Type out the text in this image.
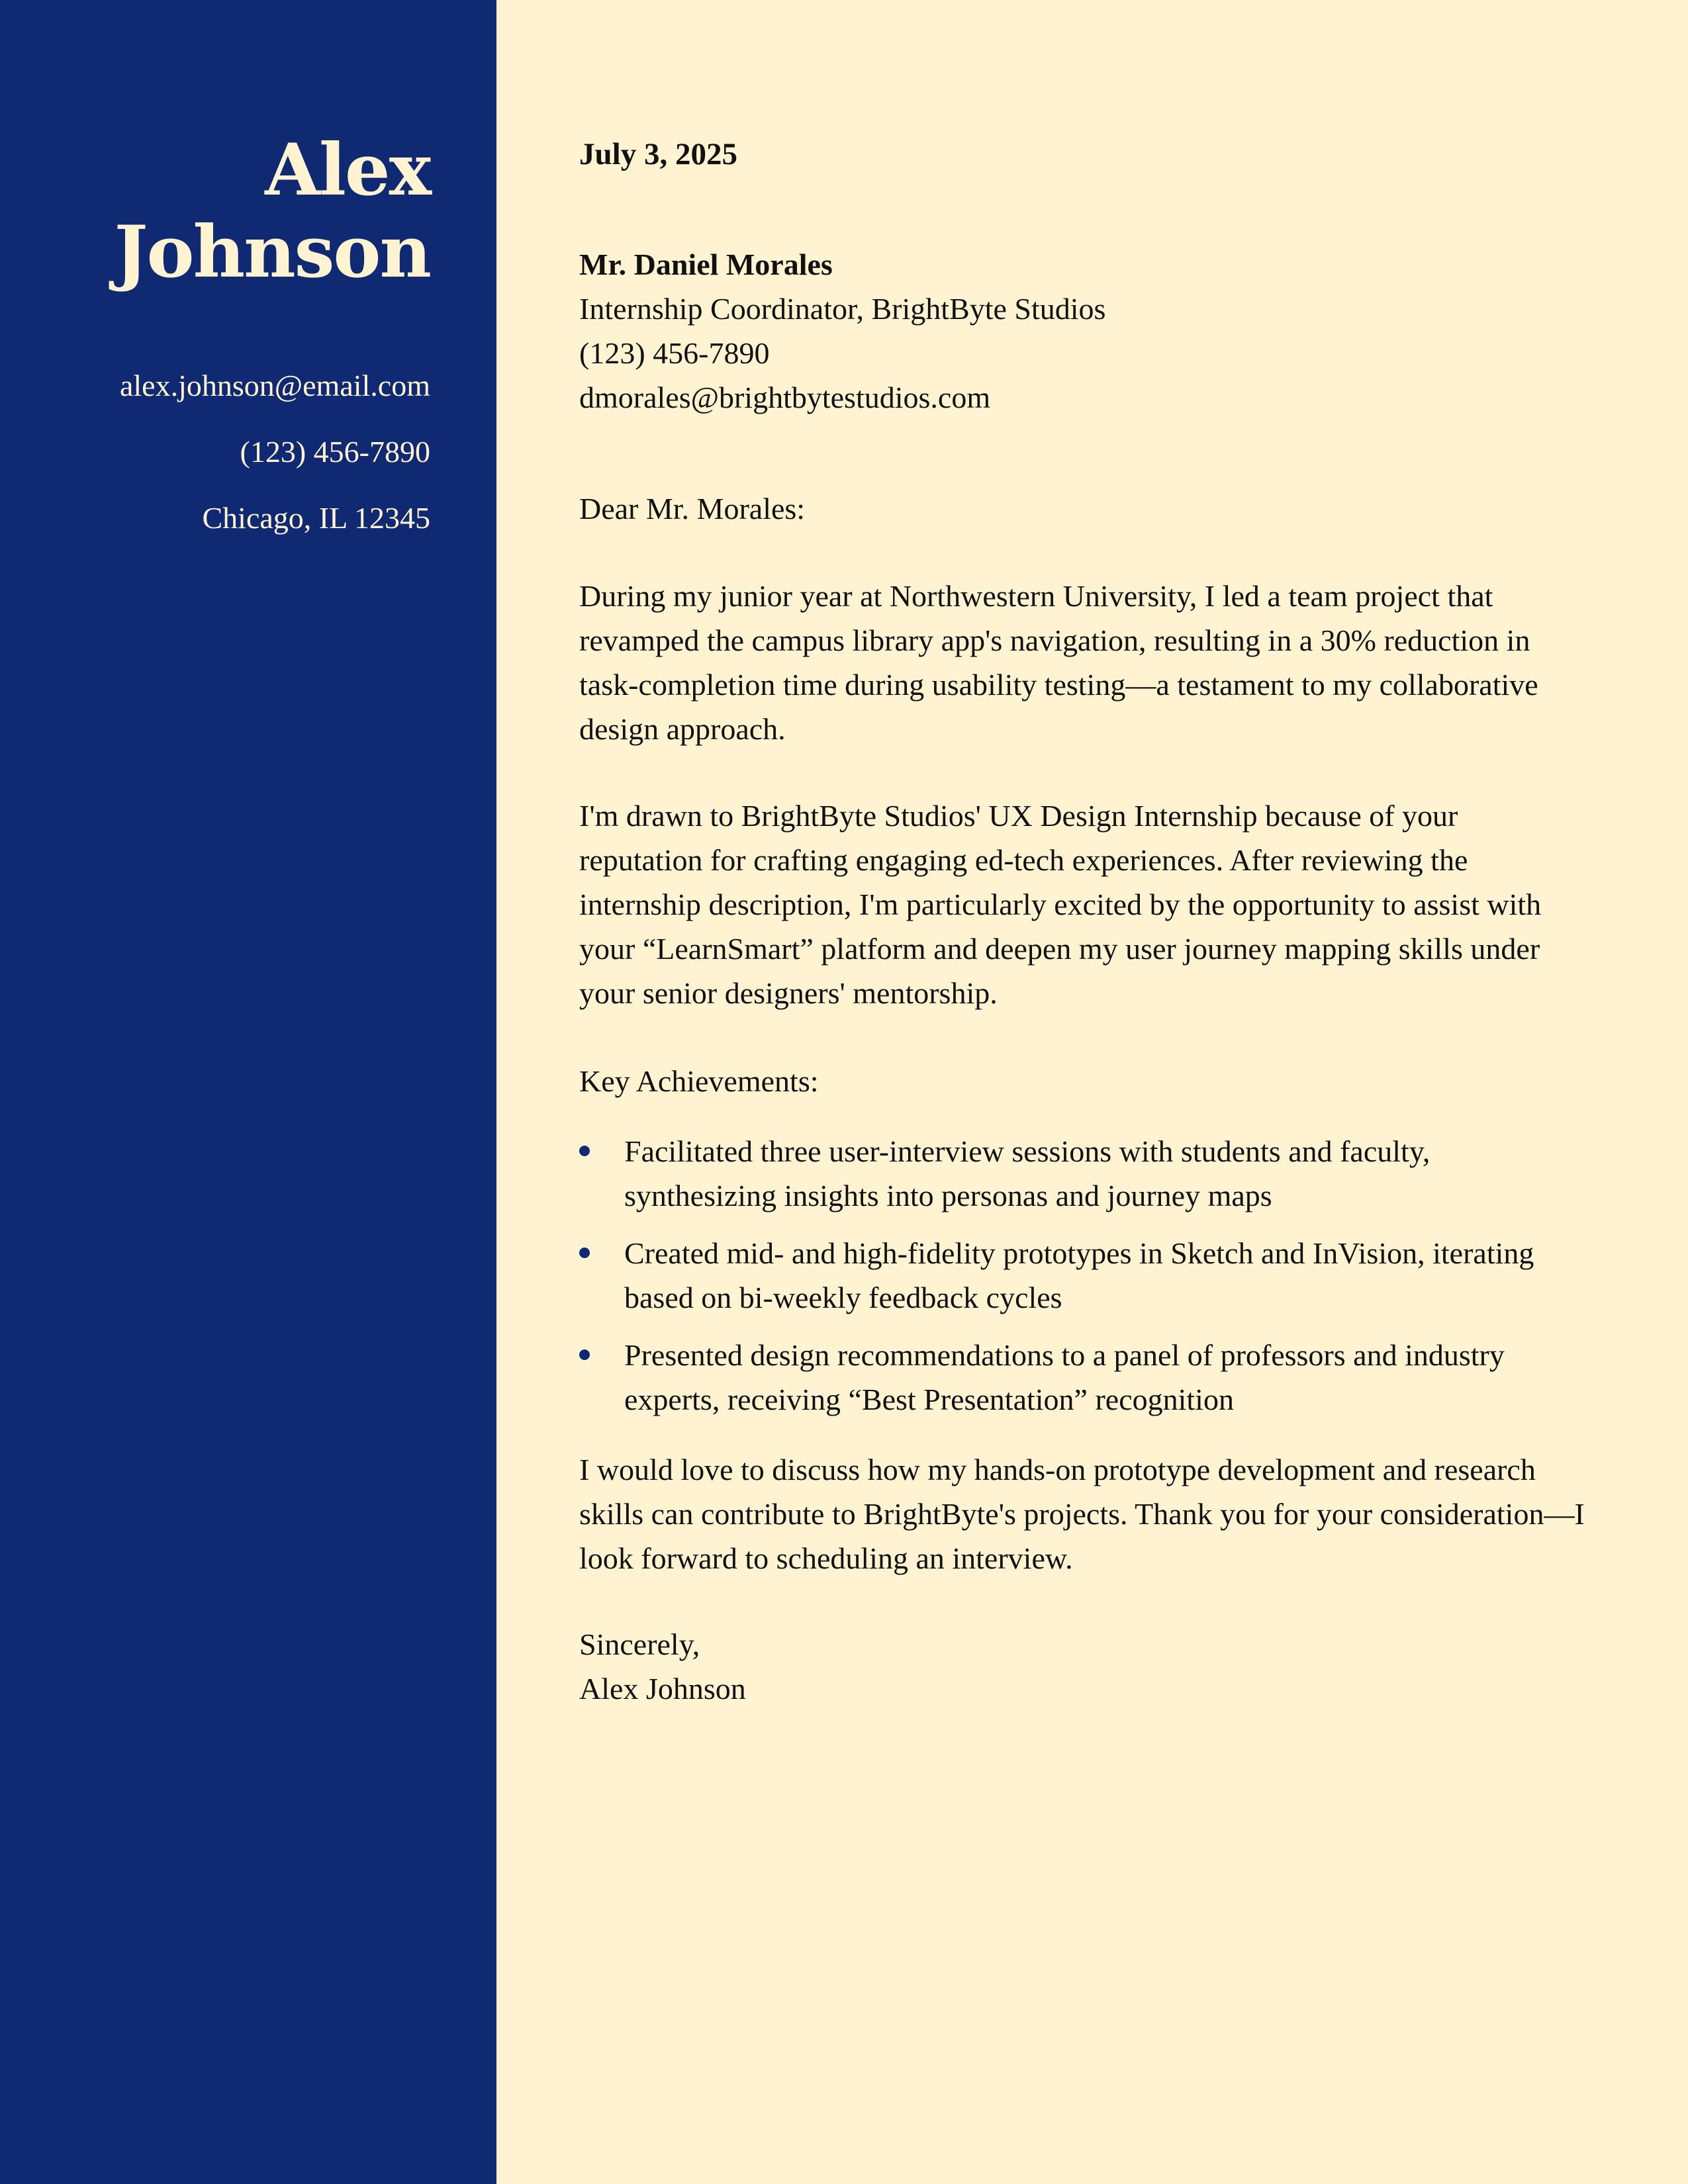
Alex
Johnson
alex.johnson@email.com
(123) 456-7890
Chicago, IL 12345
July 3, 2025
Mr. Daniel Morales
Internship Coordinator, BrightByte Studios
(123) 456-7890
dmorales@brightbytestudios.com
Dear Mr. Morales:
During my junior year at Northwestern University, I led a team project that revamped the campus library app's navigation, resulting in a 30% reduction in task-completion time during usability testing—a testament to my collaborative design approach.
I'm drawn to BrightByte Studios' UX Design Internship because of your reputation for crafting engaging ed-tech experiences. After reviewing the internship description, I'm particularly excited by the opportunity to assist with your “LearnSmart” platform and deepen my user journey mapping skills under your senior designers' mentorship.
Key Achievements:
Facilitated three user-interview sessions with students and faculty, synthesizing insights into personas and journey maps
Created mid- and high-fidelity prototypes in Sketch and InVision, iterating based on bi-weekly feedback cycles
Presented design recommendations to a panel of professors and industry experts, receiving “Best Presentation” recognition
I would love to discuss how my hands-on prototype development and research skills can contribute to BrightByte's projects. Thank you for your consideration—I look forward to scheduling an interview.
Sincerely,
Alex Johnson
